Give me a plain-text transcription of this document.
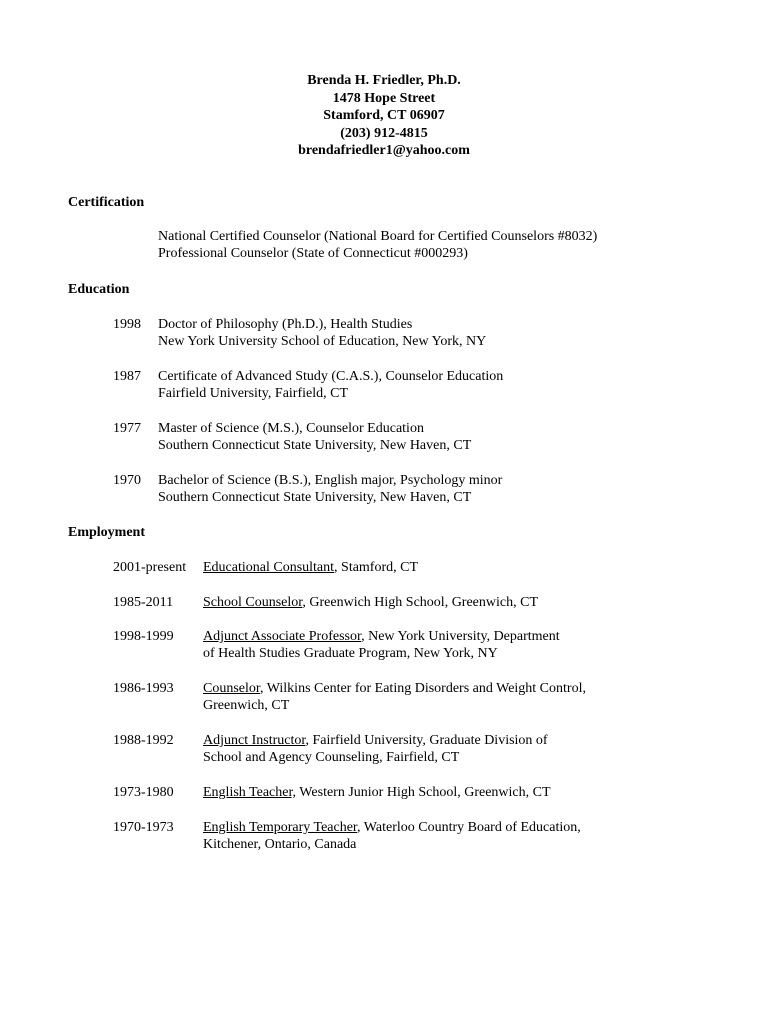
Brenda H. Friedler, Ph.D.
1478 Hope Street
Stamford, CT 06907
(203) 912-4815
brendafriedler1@yahoo.com
Certification
National Certified Counselor (National Board for Certified Counselors #8032)
Professional Counselor (State of Connecticut #000293)
Education
1998 Doctor of Philosophy (Ph.D.), Health Studies
New York University School of Education, New York, NY
1987 Certificate of Advanced Study (C.A.S.), Counselor Education
Fairfield University, Fairfield, CT
1977 Master of Science (M.S.), Counselor Education
Southern Connecticut State University, New Haven, CT
1970 Bachelor of Science (B.S.), English major, Psychology minor
Southern Connecticut State University, New Haven, CT
Employment
2001-present Educational Consultant, Stamford, CT
1985-2011 School Counselor, Greenwich High School, Greenwich, CT
1998-1999 Adjunct Associate Professor, New York University, Department
of Health Studies Graduate Program, New York, NY
1986-1993 Counselor, Wilkins Center for Eating Disorders and Weight Control,
Greenwich, CT
1988-1992 Adjunct Instructor, Fairfield University, Graduate Division of
School and Agency Counseling, Fairfield, CT
1973-1980 English Teacher, Western Junior High School, Greenwich, CT
1970-1973 English Temporary Teacher, Waterloo Country Board of Education,
Kitchener, Ontario, Canada
